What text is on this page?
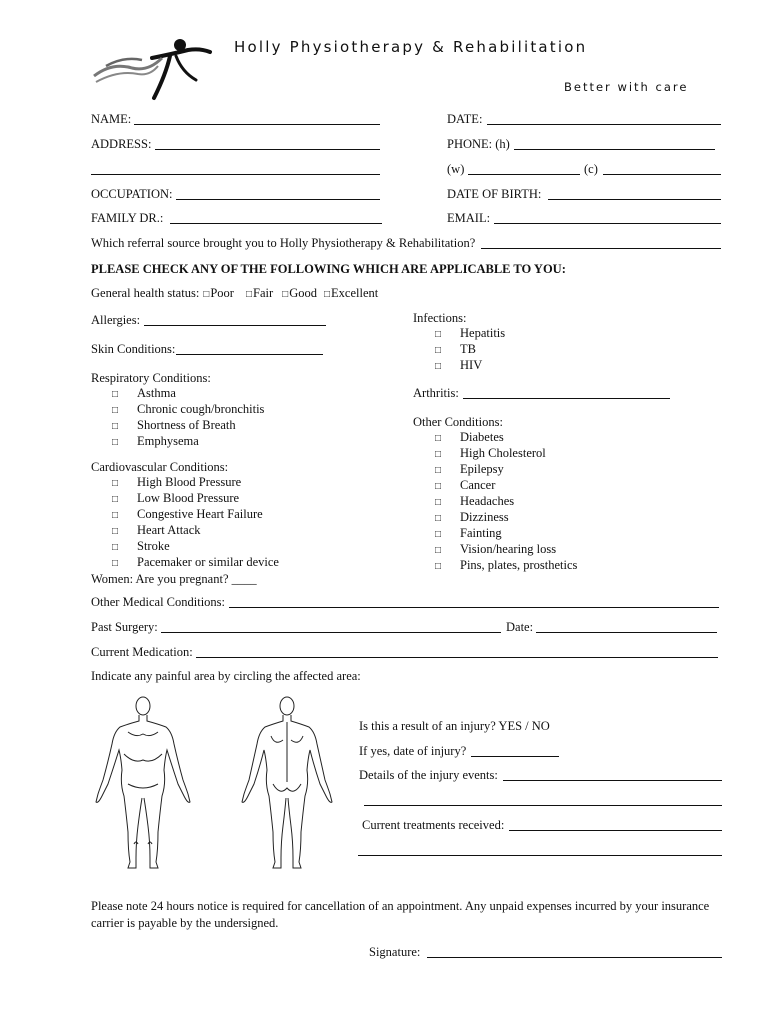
Holly Physiotherapy & Rehabilitation
Better with care
NAME:	DATE:
ADDRESS:	PHONE: (h)
(w)	(c)
OCCUPATION:	DATE OF BIRTH:
FAMILY DR.:	EMAIL:
Which referral source brought you to Holly Physiotherapy & Rehabilitation?
PLEASE CHECK ANY OF THE FOLLOWING WHICH ARE APPLICABLE TO YOU:
General health status: □ Poor □ Fair □ Good □ Excellent
Allergies:
Skin Conditions:
Respiratory Conditions:
□	Asthma
□	Chronic cough/bronchitis
□	Shortness of Breath
□	Emphysema
Cardiovascular Conditions:
□	High Blood Pressure
□	Low Blood Pressure
□	Congestive Heart Failure
□	Heart Attack
□	Stroke
□	Pacemaker or similar device
Infections:
□	Hepatitis
□	TB
□	HIV
Arthritis:
Other Conditions:
□	Diabetes
□	High Cholesterol
□	Epilepsy
□	Cancer
□	Headaches
□	Dizziness
□	Fainting
□	Vision/hearing loss
□	Pins, plates, prosthetics
Women: Are you pregnant? ____
Other Medical Conditions:
Past Surgery:	Date:
Current Medication:
Indicate any painful area by circling the affected area:
Is this a result of an injury? YES / NO
If yes, date of injury?
Details of the injury events:
Current treatments received:
Please note 24 hours notice is required for cancellation of an appointment. Any unpaid expenses incurred by your insurance carrier is payable by the undersigned.
Signature:
